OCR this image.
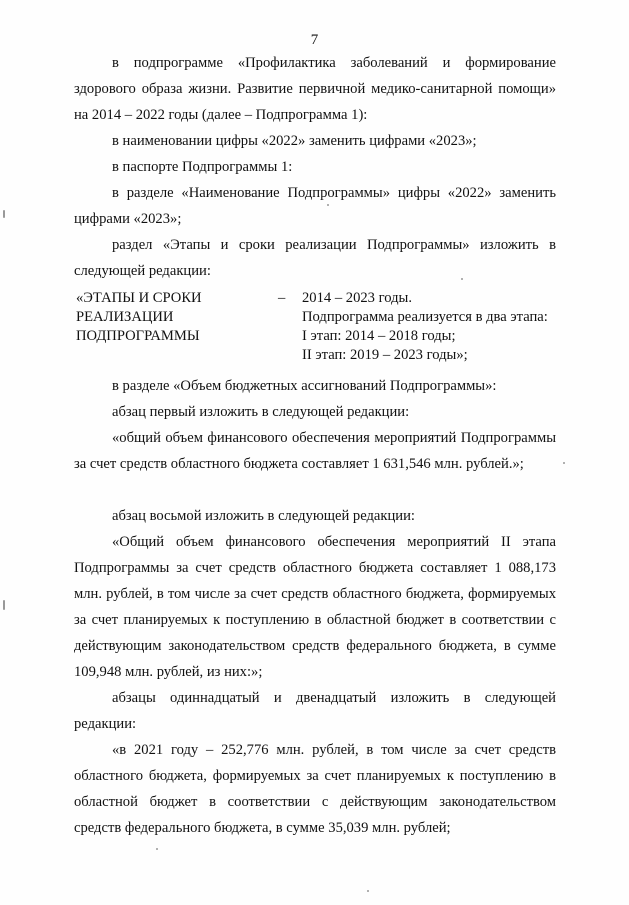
7
в подпрограмме «Профилактика заболеваний и формирование здорового образа жизни. Развитие первичной медико-санитарной помощи» на 2014 – 2022 годы (далее – Подпрограмма 1):
в наименовании цифры «2022» заменить цифрами «2023»;
в паспорте Подпрограммы 1:
в разделе «Наименование Подпрограммы» цифры «2022» заменить цифрами «2023»;
раздел «Этапы и сроки реализации Подпрограммы» изложить в следующей редакции:
«ЭТАПЫ И СРОКИ
РЕАЛИЗАЦИИ
ПОДПРОГРАММЫ
– 2014 – 2023 годы.
Подпрограмма реализуется в два этапа:
I этап: 2014 – 2018 годы;
II этап: 2019 – 2023 годы»;
в разделе «Объем бюджетных ассигнований Подпрограммы»:
абзац первый изложить в следующей редакции:
«общий объем финансового обеспечения мероприятий Подпрограммы за счет средств областного бюджета составляет 1 631,546 млн. рублей.»;
абзац восьмой изложить в следующей редакции:
«Общий объем финансового обеспечения мероприятий II этапа Подпрограммы за счет средств областного бюджета составляет 1 088,173 млн. рублей, в том числе за счет средств областного бюджета, формируемых за счет планируемых к поступлению в областной бюджет в соответствии с действующим законодательством средств федерального бюджета, в сумме 109,948 млн. рублей, из них:»;
абзацы одиннадцатый и двенадцатый изложить в следующей редакции:
«в 2021 году – 252,776 млн. рублей, в том числе за счет средств областного бюджета, формируемых за счет планируемых к поступлению в областной бюджет в соответствии с действующим законодательством средств федерального бюджета, в сумме 35,039 млн. рублей;
